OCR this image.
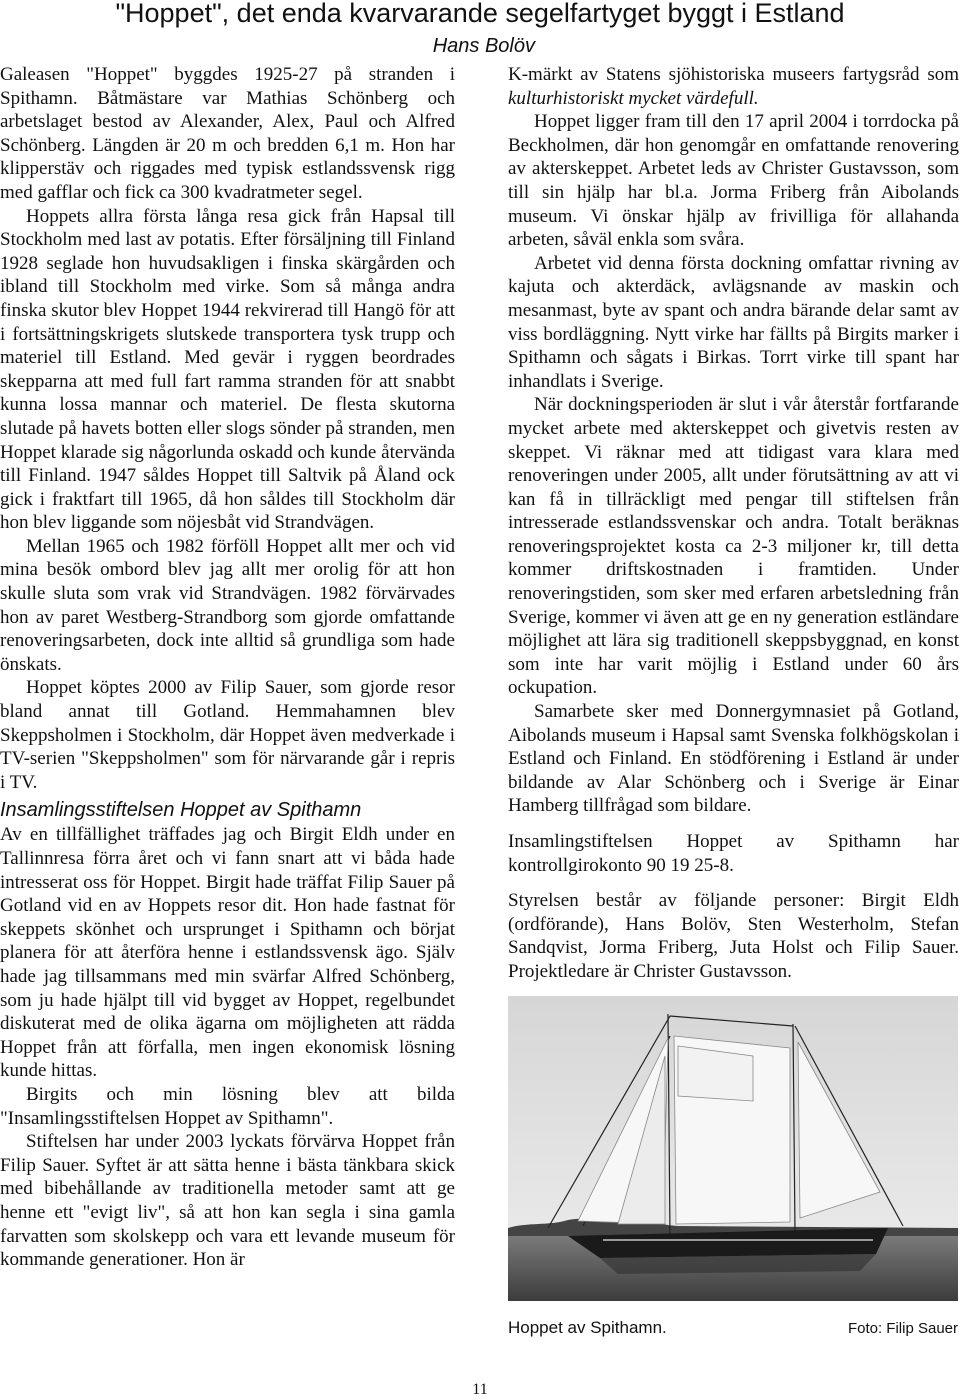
"Hoppet", det enda kvarvarande segelfartyget byggt i Estland
Hans Bolöv

Galeasen "Hoppet" byggdes 1925-27 på stranden i Spithamn. Båtmästare var Mathias Schönberg och arbetslaget bestod av Alexander, Alex, Paul och Alfred Schönberg. Längden är 20 m och bredden 6,1 m. Hon har klipperstäv och riggades med typisk estlandssvensk rigg med gafflar och fick ca 300 kvadratmeter segel.

Hoppets allra första långa resa gick från Hapsal till Stockholm med last av potatis. Efter försäljning till Finland 1928 seglade hon huvudsakligen i finska skärgården och ibland till Stockholm med virke. Som så många andra finska skutor blev Hoppet 1944 rekvirerad till Hangö för att i fortsättningskrigets slutskede transportera tysk trupp och materiel till Estland. Med gevär i ryggen beordrades skepparna att med full fart ramma stranden för att snabbt kunna lossa mannar och materiel. De flesta skutorna slutade på havets botten eller slogs sönder på stranden, men Hoppet klarade sig någorlunda oskadd och kunde återvända till Finland. 1947 såldes Hoppet till Saltvik på Åland ock gick i fraktfart till 1965, då hon såldes till Stockholm där hon blev liggande som nöjesbåt vid Strandvägen.

Mellan 1965 och 1982 förföll Hoppet allt mer och vid mina besök ombord blev jag allt mer orolig för att hon skulle sluta som vrak vid Strandvägen. 1982 förvärvades hon av paret Westberg-Strandborg som gjorde omfattande renoveringsarbeten, dock inte alltid så grundliga som hade önskats.

Hoppet köptes 2000 av Filip Sauer, som gjorde resor bland annat till Gotland. Hemmahamnen blev Skeppsholmen i Stockholm, där Hoppet även medverkade i TV-serien "Skeppsholmen" som för närvarande går i repris i TV.

Insamlingsstiftelsen Hoppet av Spithamn

Av en tillfällighet träffades jag och Birgit Eldh under en Tallinnresa förra året och vi fann snart att vi båda hade intresserat oss för Hoppet. Birgit hade träffat Filip Sauer på Gotland vid en av Hoppets resor dit. Hon hade fastnat för skeppets skönhet och ursprunget i Spithamn och börjat planera för att återföra henne i estlandssvensk ägo. Själv hade jag tillsammans med min svärfar Alfred Schönberg, som ju hade hjälpt till vid bygget av Hoppet, regelbundet diskuterat med de olika ägarna om möjligheten att rädda Hoppet från att förfalla, men ingen ekonomisk lösning kunde hittas.

Birgits och min lösning blev att bilda "Insamlingsstiftelsen Hoppet av Spithamn".

Stiftelsen har under 2003 lyckats förvärva Hoppet från Filip Sauer. Syftet är att sätta henne i bästa tänkbara skick med bibehållande av traditionella metoder samt att ge henne ett "evigt liv", så att hon kan segla i sina gamla farvatten som skolskepp och vara ett levande museum för kommande generationer. Hon är

K-märkt av Statens sjöhistoriska museers fartygsråd som kulturhistoriskt mycket värdefull.

Hoppet ligger fram till den 17 april 2004 i torrdocka på Beckholmen, där hon genomgår en omfattande renovering av akterskeppet. Arbetet leds av Christer Gustavsson, som till sin hjälp har bl.a. Jorma Friberg från Aibolands museum. Vi önskar hjälp av frivilliga för allahanda arbeten, såväl enkla som svåra.

Arbetet vid denna första dockning omfattar rivning av kajuta och akterdäck, avlägsnande av maskin och mesanmast, byte av spant och andra bärande delar samt av viss bordläggning. Nytt virke har fällts på Birgits marker i Spithamn och sågats i Birkas. Torrt virke till spant har inhandlats i Sverige.

När dockningsperioden är slut i vår återstår fortfarande mycket arbete med akterskeppet och givetvis resten av skeppet. Vi räknar med att tidigast vara klara med renoveringen under 2005, allt under förutsättning av att vi kan få in tillräckligt med pengar till stiftelsen från intresserade estlandssvenskar och andra. Totalt beräknas renoveringsprojektet kosta ca 2-3 miljoner kr, till detta kommer driftskostnaden i framtiden. Under renoveringstiden, som sker med erfaren arbetsledning från Sverige, kommer vi även att ge en ny generation estländare möjlighet att lära sig traditionell skeppsbyggnad, en konst som inte har varit möjlig i Estland under 60 års ockupation.

Samarbete sker med Donnergymnasiet på Gotland, Aibolands museum i Hapsal samt Svenska folkhögskolan i Estland och Finland. En stödförening i Estland är under bildande av Alar Schönberg och i Sverige är Einar Hamberg tillfrågad som bildare.

Insamlingstiftelsen Hoppet av Spithamn har kontrollgirokonto 90 19 25-8.

Styrelsen består av följande personer: Birgit Eldh (ordförande), Hans Bolöv, Sten Westerholm, Stefan Sandqvist, Jorma Friberg, Juta Holst och Filip Sauer. Projektledare är Christer Gustavsson.

Hoppet av Spithamn.	Foto: Filip Sauer
11
